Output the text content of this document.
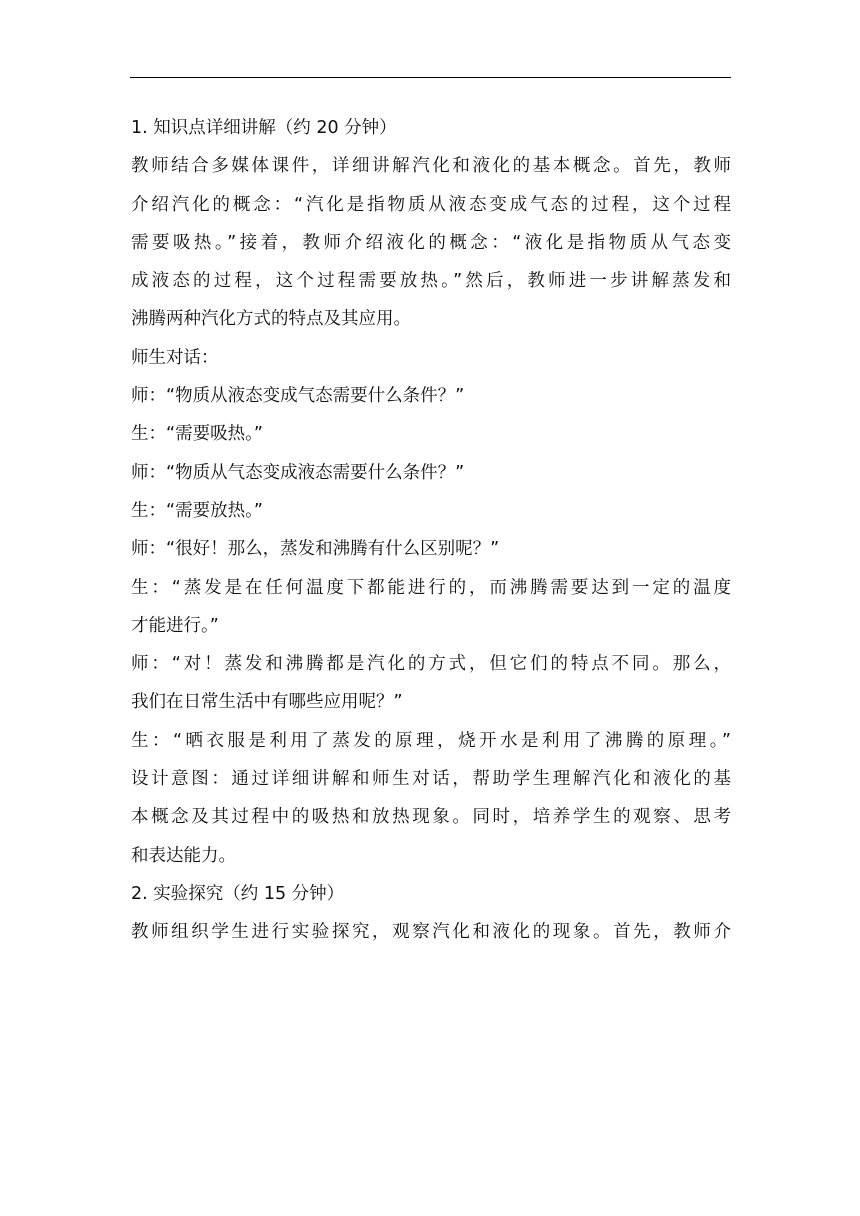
1. 知识点详细讲解（约 20 分钟）
教师结合多媒体课件，详细讲解汽化和液化的基本概念。首先，教师
介绍汽化的概念：“汽化是指物质从液态变成气态的过程，这个过程
需要吸热。”接着，教师介绍液化的概念：“液化是指物质从气态变
成液态的过程，这个过程需要放热。”然后，教师进一步讲解蒸发和
沸腾两种汽化方式的特点及其应用。
师生对话：
师：“物质从液态变成气态需要什么条件？”
生：“需要吸热。”
师：“物质从气态变成液态需要什么条件？”
生：“需要放热。”
师：“很好！那么，蒸发和沸腾有什么区别呢？”
生：“蒸发是在任何温度下都能进行的，而沸腾需要达到一定的温度
才能进行。”
师：“对！蒸发和沸腾都是汽化的方式，但它们的特点不同。那么，
我们在日常生活中有哪些应用呢？”
生：“晒衣服是利用了蒸发的原理，烧开水是利用了沸腾的原理。”
设计意图：通过详细讲解和师生对话，帮助学生理解汽化和液化的基
本概念及其过程中的吸热和放热现象。同时，培养学生的观察、思考
和表达能力。
2. 实验探究（约 15 分钟）
教师组织学生进行实验探究，观察汽化和液化的现象。首先，教师介
